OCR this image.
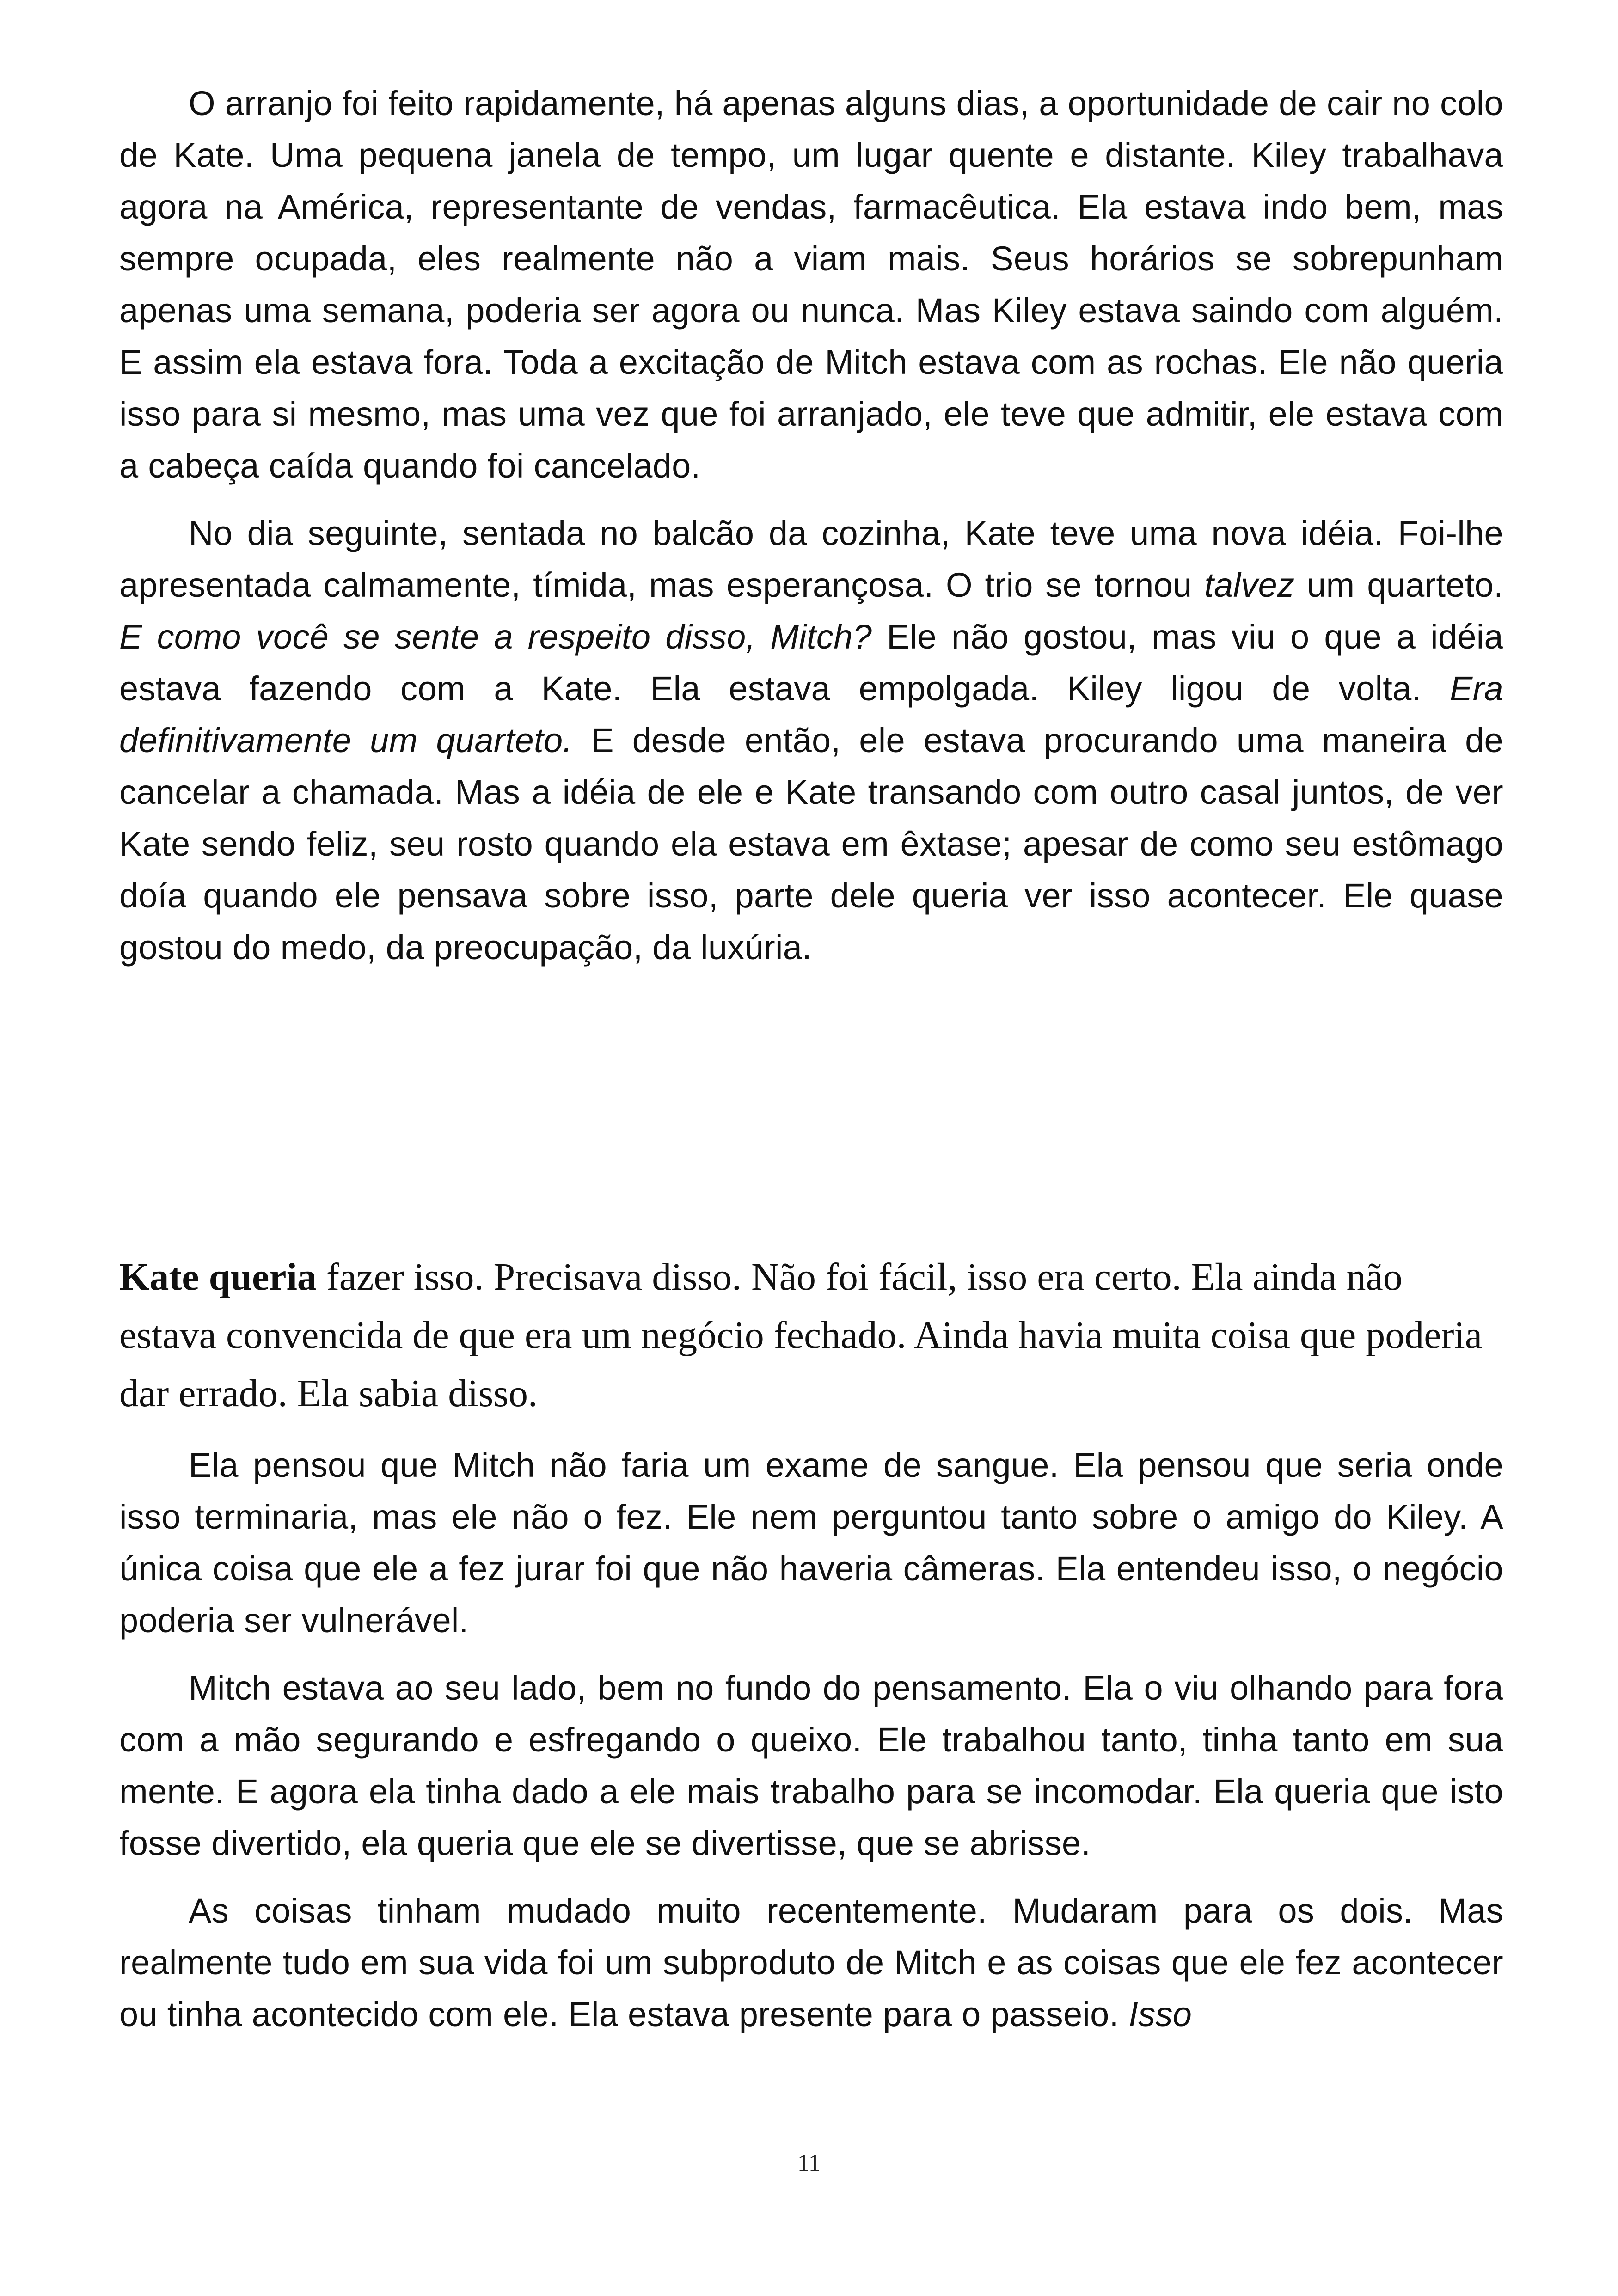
O arranjo foi feito rapidamente, há apenas alguns dias, a oportunidade de cair no colo de Kate. Uma pequena janela de tempo, um lugar quente e distante. Kiley trabalhava agora na América, representante de vendas, farmacêutica. Ela estava indo bem, mas sempre ocupada, eles realmente não a viam mais. Seus horários se sobrepunham apenas uma semana, poderia ser agora ou nunca. Mas Kiley estava saindo com alguém. E assim ela estava fora. Toda a excitação de Mitch estava com as rochas. Ele não queria isso para si mesmo, mas uma vez que foi arranjado, ele teve que admitir, ele estava com a cabeça caída quando foi cancelado.

No dia seguinte, sentada no balcão da cozinha, Kate teve uma nova idéia. Foi-lhe apresentada calmamente, tímida, mas esperançosa. O trio se tornou talvez um quarteto. E como você se sente a respeito disso, Mitch? Ele não gostou, mas viu o que a idéia estava fazendo com a Kate. Ela estava empolgada. Kiley ligou de volta. Era definitivamente um quarteto. E desde então, ele estava procurando uma maneira de cancelar a chamada. Mas a idéia de ele e Kate transando com outro casal juntos, de ver Kate sendo feliz, seu rosto quando ela estava em êxtase; apesar de como seu estômago doía quando ele pensava sobre isso, parte dele queria ver isso acontecer. Ele quase gostou do medo, da preocupação, da luxúria.

Kate queria fazer isso. Precisava disso. Não foi fácil, isso era certo. Ela ainda não estava convencida de que era um negócio fechado. Ainda havia muita coisa que poderia dar errado. Ela sabia disso.

Ela pensou que Mitch não faria um exame de sangue. Ela pensou que seria onde isso terminaria, mas ele não o fez. Ele nem perguntou tanto sobre o amigo do Kiley. A única coisa que ele a fez jurar foi que não haveria câmeras. Ela entendeu isso, o negócio poderia ser vulnerável.

Mitch estava ao seu lado, bem no fundo do pensamento. Ela o viu olhando para fora com a mão segurando e esfregando o queixo. Ele trabalhou tanto, tinha tanto em sua mente. E agora ela tinha dado a ele mais trabalho para se incomodar. Ela queria que isto fosse divertido, ela queria que ele se divertisse, que se abrisse.

As coisas tinham mudado muito recentemente. Mudaram para os dois. Mas realmente tudo em sua vida foi um subproduto de Mitch e as coisas que ele fez acontecer ou tinha acontecido com ele. Ela estava presente para o passeio. Isso

11
